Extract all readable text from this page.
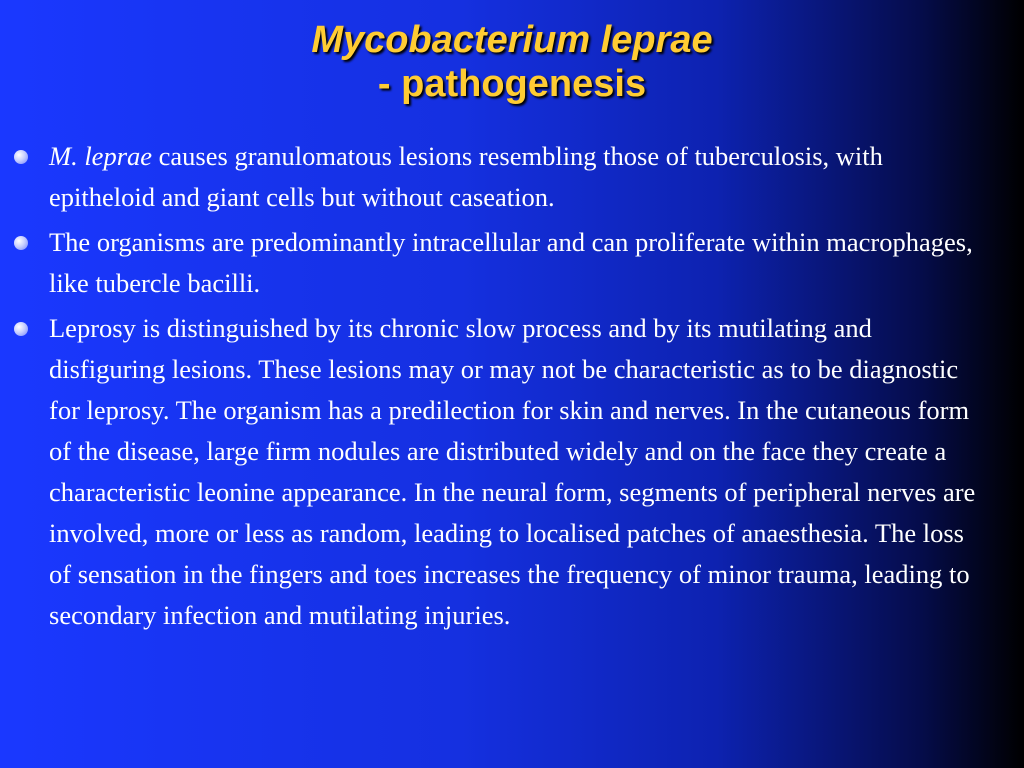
Mycobacterium leprae
- pathogenesis
M. leprae causes granulomatous lesions resembling those of tuberculosis, with epitheloid and giant cells but without caseation.
The organisms are predominantly intracellular and can proliferate within macrophages, like tubercle bacilli.
Leprosy is distinguished by its chronic slow process and by its mutilating and disfiguring lesions. These lesions may or may not be characteristic as to be diagnostic for leprosy. The organism has a predilection for skin and nerves. In the cutaneous form of the disease, large firm nodules are distributed widely and on the face they create a characteristic leonine appearance. In the neural form, segments of peripheral nerves are involved, more or less as random, leading to localised patches of anaesthesia. The loss of sensation in the fingers and toes increases the frequency of minor trauma, leading to secondary infection and mutilating injuries.
